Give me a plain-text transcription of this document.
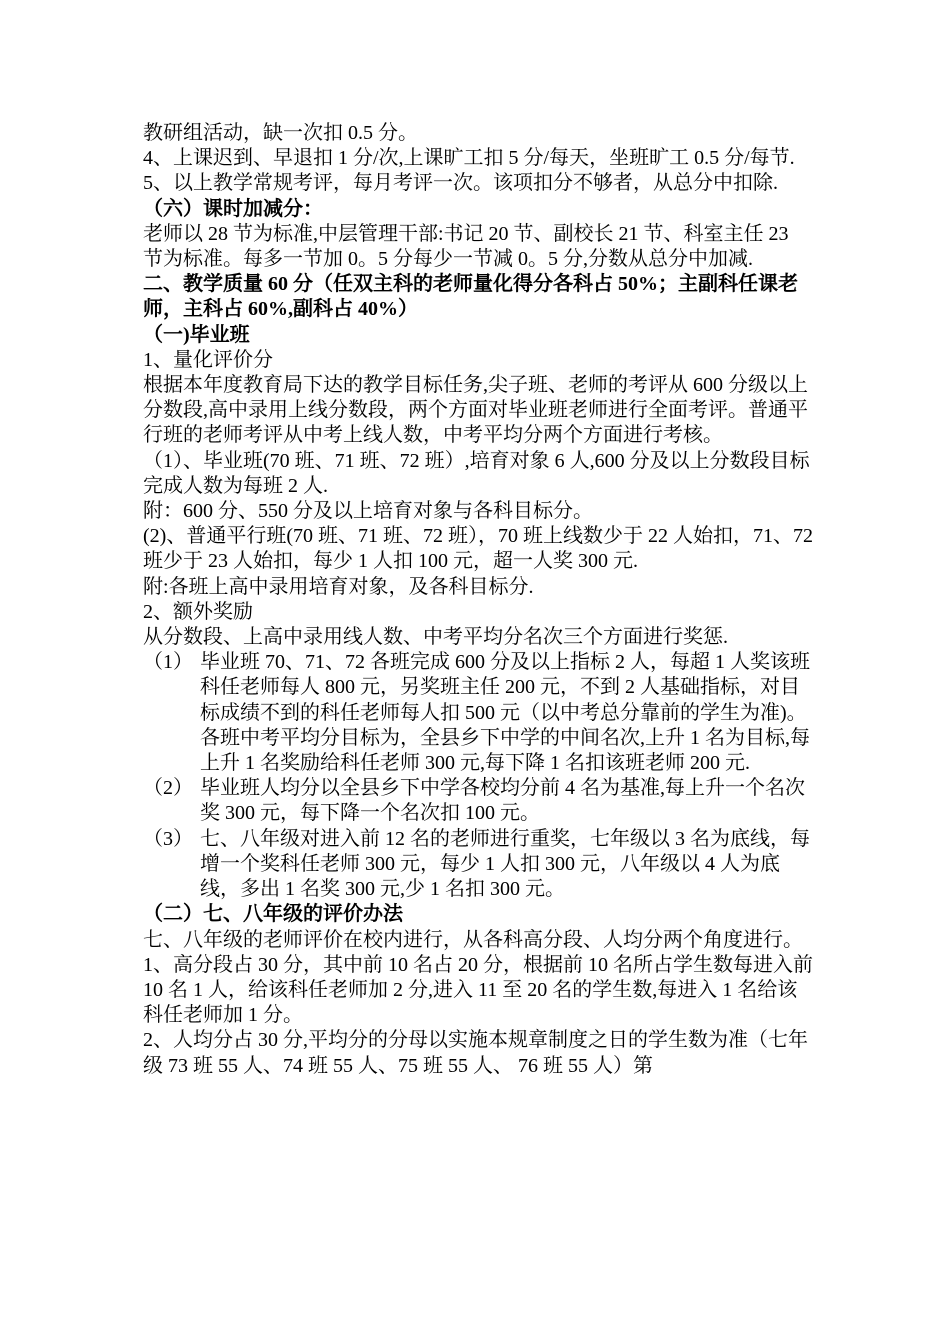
教研组活动，缺一次扣 0.5 分。

4、上课迟到、早退扣 1 分/次,上课旷工扣 5 分/每天，坐班旷工 0.5 分/每节.

5、以上教学常规考评，每月考评一次。该项扣分不够者，从总分中扣除.

（六）课时加减分：

老师以 28 节为标准,中层管理干部:书记 20 节、副校长 21 节、科室主任 23 节为标准。每多一节加 0。5 分每少一节减 0。5 分,分数从总分中加减.

二、教学质量 60 分（任双主科的老师量化得分各科占 50%；主副科任课老师，主科占 60%,副科占 40%）

（一)毕业班

1、量化评价分

根据本年度教育局下达的教学目标任务,尖子班、老师的考评从 600 分级以上分数段,高中录用上线分数段，两个方面对毕业班老师进行全面考评。普通平行班的老师考评从中考上线人数，中考平均分两个方面进行考核。

（1）、毕业班(70 班、71 班、72 班）,培育对象 6 人,600 分及以上分数段目标完成人数为每班 2 人.

附：600 分、550 分及以上培育对象与各科目标分。

(2)、普通平行班(70 班、71 班、72 班），70 班上线数少于 22 人始扣，71、72 班少于 23 人始扣，每少 1 人扣 100 元，超一人奖 300 元.

附:各班上高中录用培育对象，及各科目标分.

2、额外奖励

从分数段、上高中录用线人数、中考平均分名次三个方面进行奖惩.

（1） 毕业班 70、71、72 各班完成 600 分及以上指标 2 人，每超 1 人奖该班科任老师每人 800 元，另奖班主任 200 元，不到 2 人基础指标，对目标成绩不到的科任老师每人扣 500 元（以中考总分靠前的学生为准)。各班中考平均分目标为，全县乡下中学的中间名次,上升 1 名为目标,每上升 1 名奖励给科任老师 300 元,每下降 1 名扣该班老师 200 元.
（2） 毕业班人均分以全县乡下中学各校均分前 4 名为基准,每上升一个名次奖 300 元，每下降一个名次扣 100 元。
（3） 七、八年级对进入前 12 名的老师进行重奖，七年级以 3 名为底线，每增一个奖科任老师 300 元，每少 1 人扣 300 元，八年级以 4 人为底线，多出 1 名奖 300 元,少 1 名扣 300 元。

（二）七、八年级的评价办法

七、八年级的老师评价在校内进行，从各科高分段、人均分两个角度进行。

1、高分段占 30 分，其中前 10 名占 20 分，根据前 10 名所占学生数每进入前 10 名 1 人，给该科任老师加 2 分,进入 11 至 20 名的学生数,每进入 1 名给该科任老师加 1 分。

2、人均分占 30 分,平均分的分母以实施本规章制度之日的学生数为准（七年级 73 班 55 人、74 班 55 人、75 班 55 人、 76 班 55 人）第
